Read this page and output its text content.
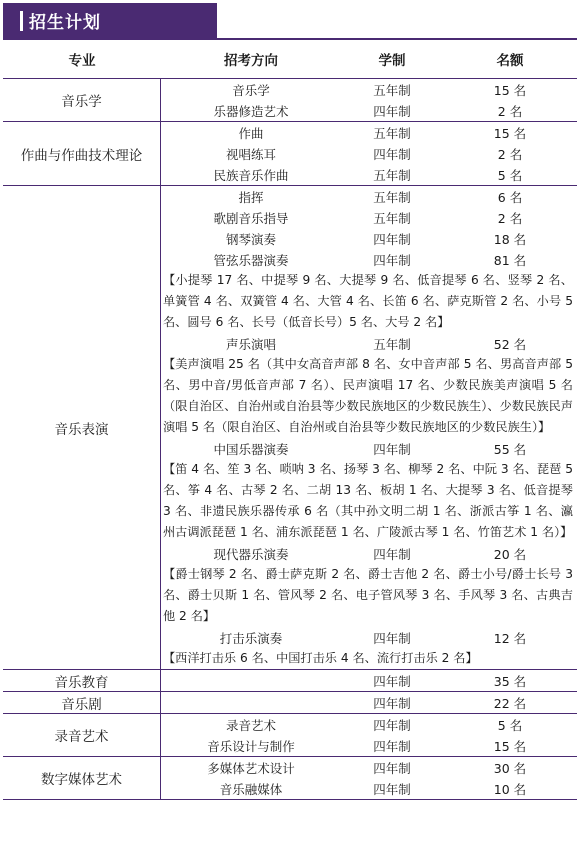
招生计划
专业	招考方向	学制	名额
音乐学
音乐学	五年制	15 名
乐器修造艺术	四年制	2 名
作曲与作曲技术理论
作曲	五年制	15 名
视唱练耳	四年制	2 名
民族音乐作曲	五年制	5 名
音乐表演
指挥	五年制	6 名
歌剧音乐指导	五年制	2 名
钢琴演奏	四年制	18 名
管弦乐器演奏	四年制	81 名
【小提琴 17 名、中提琴 9 名、大提琴 9 名、低音提琴 6 名、竖琴 2 名、单簧管 4 名、双簧管 4 名、大管 4 名、长笛 6 名、萨克斯管 2 名、小号 5 名、圆号 6 名、长号（低音长号）5 名、大号 2 名】
声乐演唱	五年制	52 名
【美声演唱 25 名（其中女高音声部 8 名、女中音声部 5 名、男高音声部 5 名、男中音/男低音声部 7 名）、民声演唱 17 名、少数民族美声演唱 5 名（限自治区、自治州或自治县等少数民族地区的少数民族生）、少数民族民声演唱 5 名（限自治区、自治州或自治县等少数民族地区的少数民族生）】
中国乐器演奏	四年制	55 名
【笛 4 名、笙 3 名、唢呐 3 名、扬琴 3 名、柳琴 2 名、中阮 3 名、琵琶 5 名、筝 4 名、古琴 2 名、二胡 13 名、板胡 1 名、大提琴 3 名、低音提琴 3 名、非遗民族乐器传承 6 名（其中孙文明二胡 1 名、浙派古筝 1 名、瀛州古调派琵琶 1 名、浦东派琵琶 1 名、广陵派古琴 1 名、竹笛艺术 1 名）】
现代器乐演奏	四年制	20 名
【爵士钢琴 2 名、爵士萨克斯 2 名、爵士吉他 2 名、爵士小号/爵士长号 3 名、爵士贝斯 1 名、管风琴 2 名、电子管风琴 3 名、手风琴 3 名、古典吉他 2 名】
打击乐演奏	四年制	12 名
【西洋打击乐 6 名、中国打击乐 4 名、流行打击乐 2 名】
音乐教育	四年制	35 名
音乐剧	四年制	22 名
录音艺术
录音艺术	四年制	5 名
音乐设计与制作	四年制	15 名
数字媒体艺术
多媒体艺术设计	四年制	30 名
音乐融媒体	四年制	10 名
